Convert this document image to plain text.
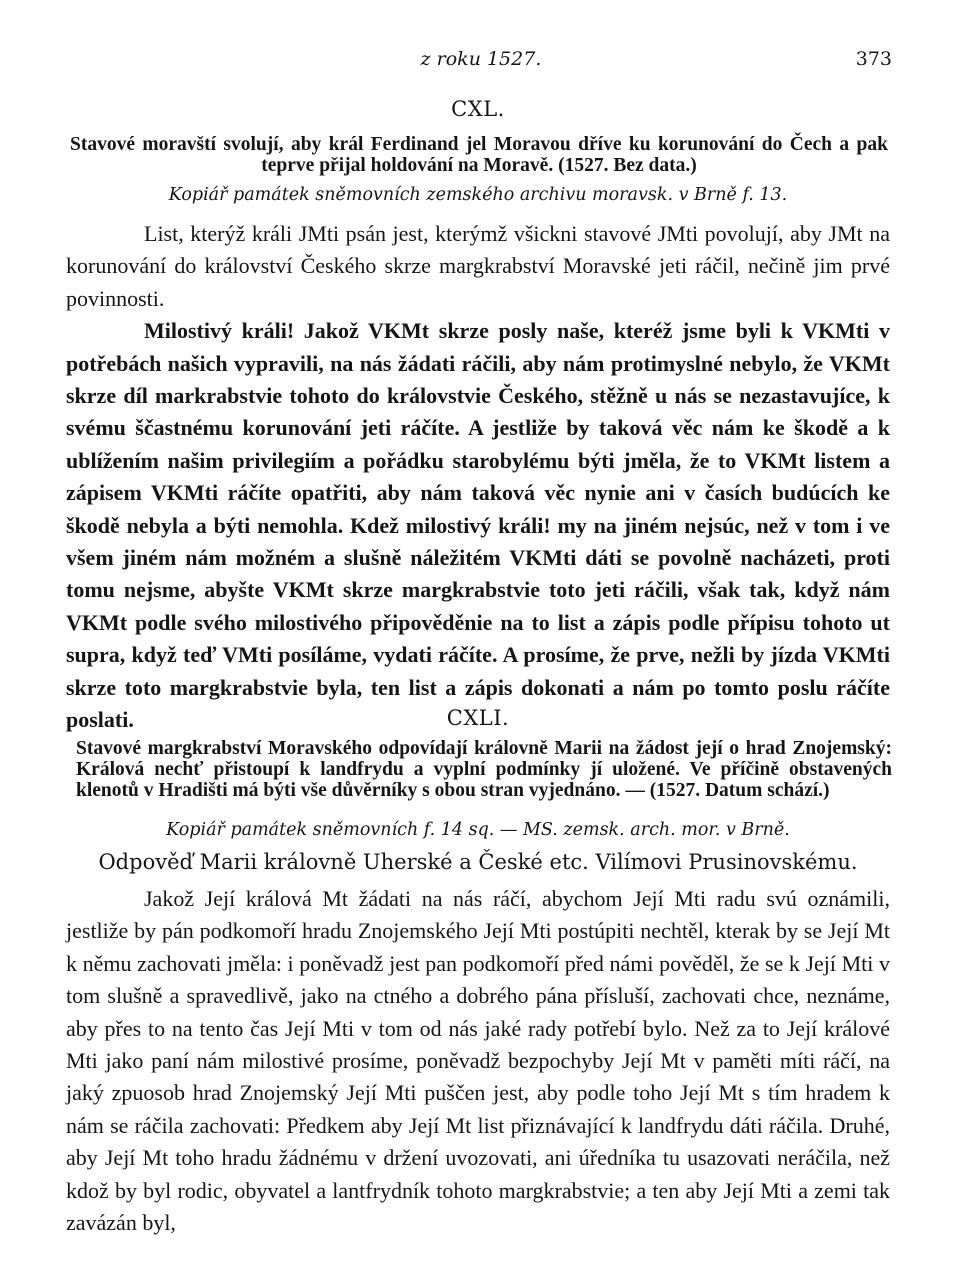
z roku 1527.	373
CXL.
Stavové moravští svolují, aby král Ferdinand jel Moravou dříve ku korunování do Čech a pak teprve přijal holdování na Moravě. (1527. Bez data.)
Kopiář památek sněmovních zemského archivu moravsk. v Brně f. 13.

List, kterýž králi JMti psán jest, kterýmž všickni stavové JMti povolují, aby JMt na korunování do království Českého skrze margkrabství Moravské jeti ráčil, nečině jim prvé povinnosti.

Milostivý králi! Jakož VKMt skrze posly naše, kteréž jsme byli k VKMti v potřebách našich vypravili, na nás žádati ráčili, aby nám protimyslné nebylo, že VKMt skrze díl markrabstvie tohoto do královstvie Českého, stěžně u nás se nezastavujíce, k svému ščastnému korunování jeti ráčíte. A jestliže by taková věc nám ke škodě a k ublížením našim privilegiím a pořádku starobylému býti jměla, že to VKMt listem a zápisem VKMti ráčíte opatřiti, aby nám taková věc nynie ani v časích budúcích ke škodě nebyla a býti nemohla. Kdež milostivý králi! my na jiném nejsúc, než v tom i ve všem jiném nám možném a slušně náležitém VKMti dáti se povolně nacházeti, proti tomu nejsme, abyšte VKMt skrze margkrabstvie toto jeti ráčili, však tak, když nám VKMt podle svého milostivého připověděnie na to list a zápis podle přípisu tohoto ut supra, když teď VMti posíláme, vydati ráčíte. A prosíme, že prve, nežli by jízda VKMti skrze toto margkrabstvie byla, ten list a zápis dokonati a nám po tomto poslu ráčíte poslati.	CXLI.
Stavové margkrabství Moravského odpovídají královně Marii na žádost její o hrad Znojemský: Králová nechť přistoupí k landfrydu a vyplní podmínky jí uložené. Ve příčině obstavených klenotů v Hradišti má býti vše důvěrníky s obou stran vyjednáno. — (1527. Datum schází.)
Kopiář památek sněmovních f. 14 sq. — MS. zemsk. arch. mor. v Brně.
Odpověď Marii královně Uherské a České etc. Vilímovi Prusinovskému.

Jakož Její králová Mt žádati na nás ráčí, abychom Její Mti radu svú oznámili, jestliže by pán podkomoří hradu Znojemského Její Mti postúpiti nechtěl, kterak by se Její Mt k němu zachovati jměla: i poněvadž jest pan podkomoří před námi pověděl, že se k Její Mti v tom slušně a spravedlivě, jako na ctného a dobrého pána přísluší, zachovati chce, neznáme, aby přes to na tento čas Její Mti v tom od nás jaké rady potřebí bylo. Než za to Její králové Mti jako paní nám milostivé prosíme, poněvadž bezpochyby Její Mt v paměti míti ráčí, na jaký zpuosob hrad Znojemský Její Mti puščen jest, aby podle toho Její Mt s tím hradem k nám se ráčila zachovati: Předkem aby Její Mt list přiznávající k landfrydu dáti ráčila. Druhé, aby Její Mt toho hradu žádnému v držení uvozovati, ani úředníka tu usazovati neráčila, než kdož by byl rodic, obyvatel a lantfrydník tohoto margkrabstvie; a ten aby Její Mti a zemi tak zavázán byl,
